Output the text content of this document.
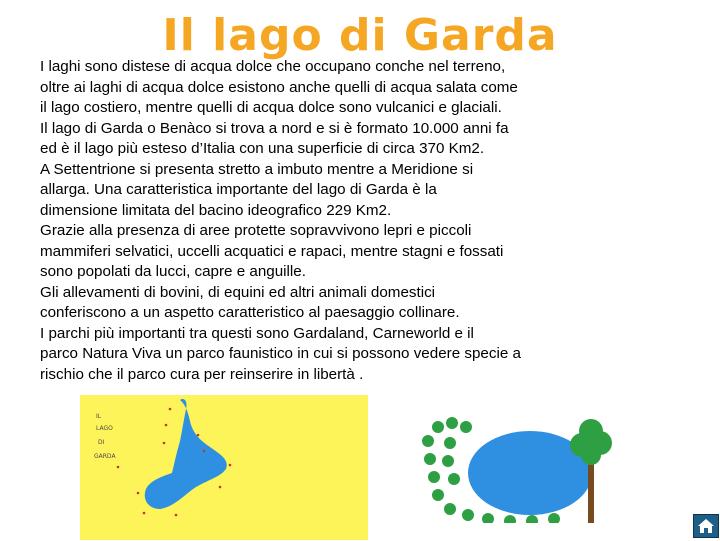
Il lago di Garda
I laghi sono distese di acqua dolce che occupano conche nel terreno,
oltre ai laghi di acqua dolce esistono anche quelli di acqua salata come
il lago costiero, mentre quelli di acqua dolce sono vulcanici e glaciali.
Il lago di Garda o Benàco si trova a nord e si è formato 10.000 anni fa
ed è il lago più esteso d’Italia con una superficie di circa 370 Km2.
A Settentrione si presenta stretto a imbuto mentre a Meridione si
allarga. Una caratteristica importante del lago di Garda è la
dimensione limitata del bacino ideografico 229 Km2.
Grazie alla presenza di aree protette sopravvivono lepri e piccoli
mammiferi selvatici, uccelli acquatici e rapaci, mentre stagni e fossati
sono popolati da lucci, capre e anguille.
Gli allevamenti di bovini, di equini ed altri animali domestici
conferiscono a un aspetto caratteristico al paesaggio collinare.
I parchi più importanti tra questi sono Gardaland, Carneworld e il
parco Natura Viva un parco faunistico in cui si possono vedere specie a
rischio che il parco cura per reinserire in libertà .
IL
LAGO
DI
GARDA
